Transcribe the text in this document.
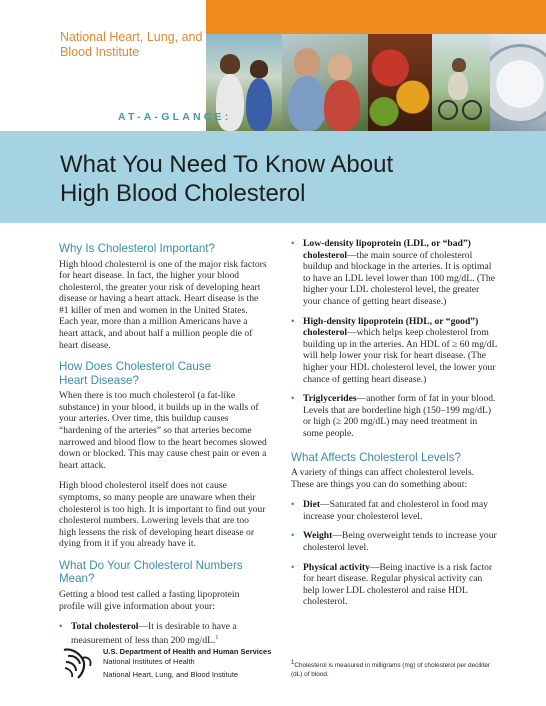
National Heart, Lung, and Blood Institute
AT-A-GLANCE:
What You Need To Know About
High Blood Cholesterol
Why Is Cholesterol Important?

High blood cholesterol is one of the major risk factors for heart disease. In fact, the higher your blood cholesterol, the greater your risk of developing heart disease or having a heart attack. Heart disease is the #1 killer of men and women in the United States. Each year, more than a million Americans have a heart attack, and about half a million people die of heart disease.

How Does Cholesterol Cause
Heart Disease?

When there is too much cholesterol (a fat-like substance) in your blood, it builds up in the walls of your arteries. Over time, this buildup causes “hardening of the arteries” so that arteries become narrowed and blood flow to the heart becomes slowed down or blocked. This may cause chest pain or even a heart attack.

High blood cholesterol itself does not cause symptoms, so many people are unaware when their cholesterol is too high. It is important to find out your cholesterol numbers. Lowering levels that are too high lessens the risk of developing heart disease or dying from it if you already have it.

What Do Your Cholesterol Numbers Mean?

Getting a blood test called a fasting lipoprotein profile will give information about your:

• Total cholesterol—It is desirable to have a measurement of less than 200 mg/dL.$^1$
• Low-density lipoprotein (LDL, or “bad”) cholesterol—the main source of cholesterol buildup and blockage in the arteries. It is optimal to have an LDL level lower than 100 mg/dL. (The higher your LDL cholesterol level, the greater your chance of getting heart disease.)
• High-density lipoprotein (HDL, or “good”) cholesterol—which helps keep cholesterol from building up in the arteries. An HDL of ≥ 60 mg/dL will help lower your risk for heart disease. (The higher your HDL cholesterol level, the lower your chance of getting heart disease.)
• Triglycerides—another form of fat in your blood. Levels that are borderline high (150–199 mg/dL) or high (≥ 200 mg/dL) may need treatment in some people.
What Affects Cholesterol Levels?

A variety of things can affect cholesterol levels. These are things you can do something about:

• Diet—Saturated fat and cholesterol in food may increase your cholesterol level.
• Weight—Being overweight tends to increase your cholesterol level.
• Physical activity—Being inactive is a risk factor for heart disease. Regular physical activity can help lower LDL cholesterol and raise HDL cholesterol.
U.S. Department of Health and Human Services
National Institutes of Health
National Heart, Lung, and Blood Institute
$^1$Cholesterol is measured in milligrams (mg) of cholesterol per deciliter (dL) of blood.
